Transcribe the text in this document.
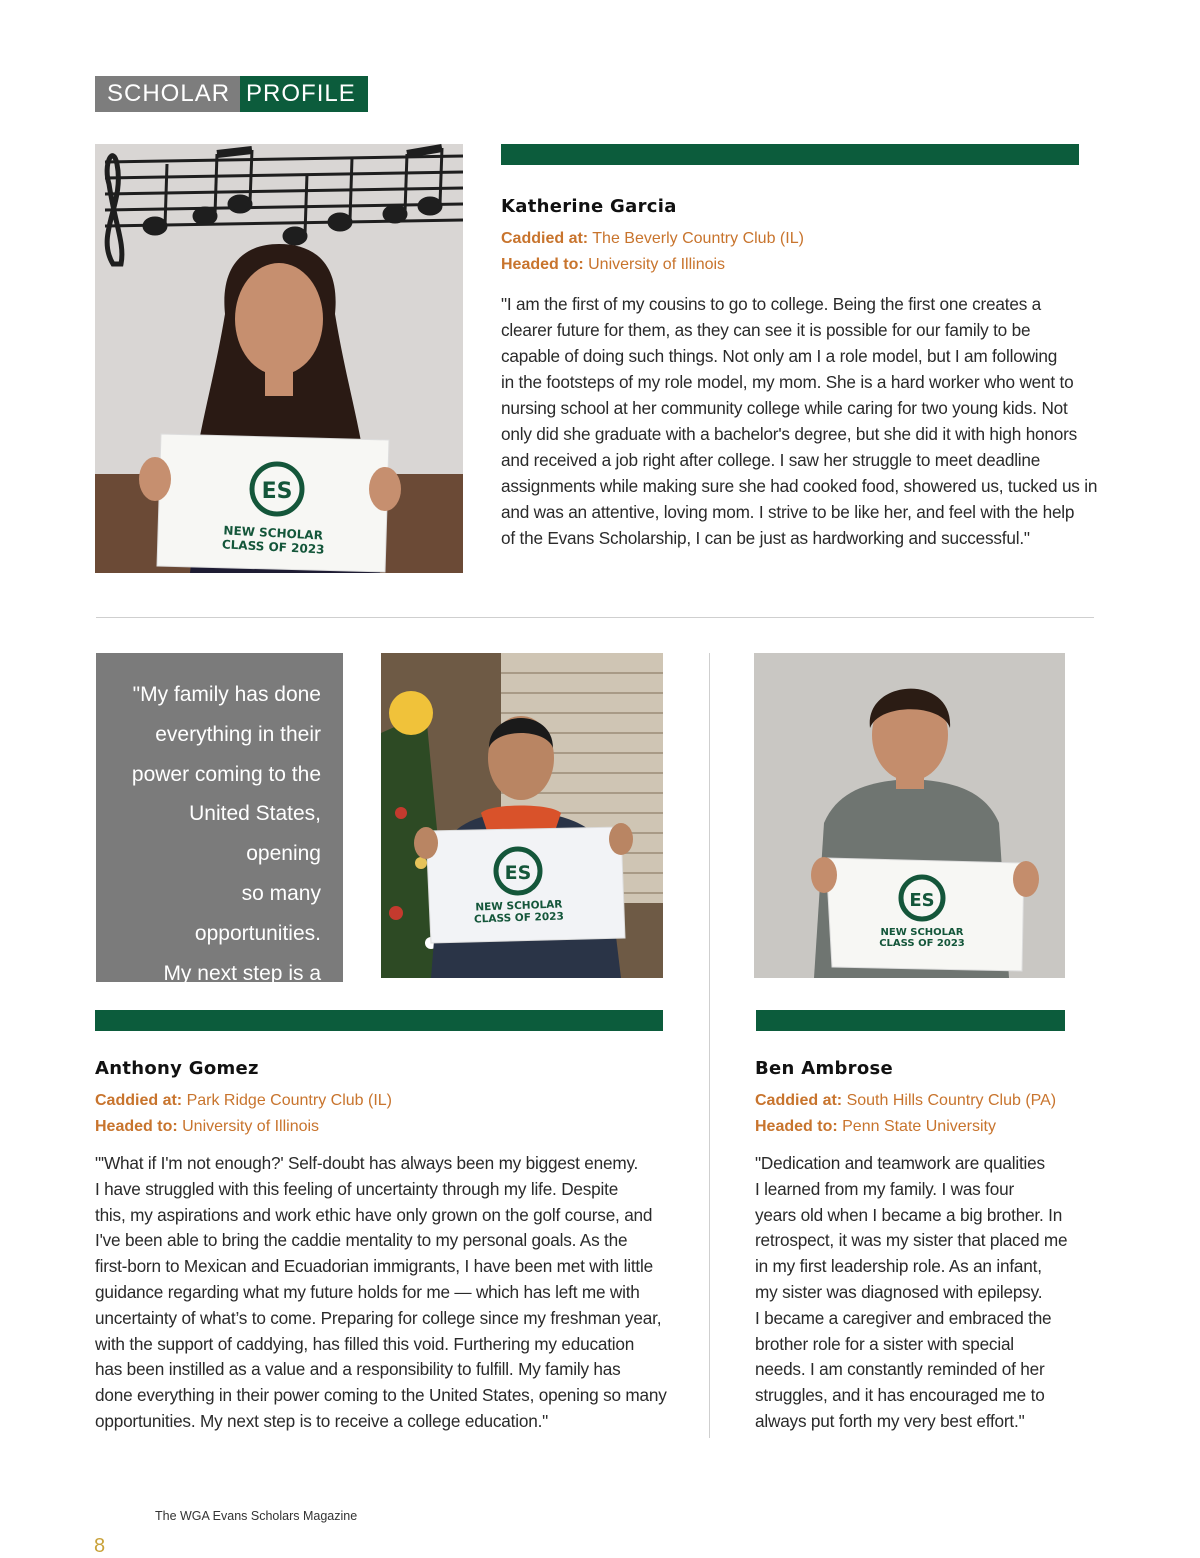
SCHOLAR PROFILE
ES
NEW SCHOLAR
CLASS OF 2023
Katherine Garcia
Caddied at: The Beverly Country Club (IL)
Headed to: University of Illinois
"I am the first of my cousins to go to college. Being the first one creates a
clearer future for them, as they can see it is possible for our family to be
capable of doing such things. Not only am I a role model, but I am following
in the footsteps of my role model, my mom. She is a hard worker who went to
nursing school at her community college while caring for two young kids. Not
only did she graduate with a bachelor's degree, but she did it with high honors
and received a job right after college. I saw her struggle to meet deadline
assignments while making sure she had cooked food, showered us, tucked us in
and was an attentive, loving mom. I strive to be like her, and feel with the help
of the Evans Scholarship, I can be just as hardworking and successful."
"My family has done
everything in their
power coming to the
United States, opening
so many opportunities.
My next step is a

ES
NEW SCHOLAR
CLASS OF 2023
ES
NEW SCHOLAR
CLASS OF 2023
Anthony Gomez
Caddied at: Park Ridge Country Club (IL)
Headed to: University of Illinois
"'What if I'm not enough?' Self-doubt has always been my biggest enemy.
I have struggled with this feeling of uncertainty through my life. Despite
this, my aspirations and work ethic have only grown on the golf course, and
I've been able to bring the caddie mentality to my personal goals. As the
first-born to Mexican and Ecuadorian immigrants, I have been met with little
guidance regarding what my future holds for me — which has left me with
uncertainty of what’s to come. Preparing for college since my freshman year,
with the support of caddying, has filled this void. Furthering my education
has been instilled as a value and a responsibility to fulfill. My family has
done everything in their power coming to the United States, opening so many
opportunities. My next step is to receive a college education."
Ben Ambrose
Caddied at: South Hills Country Club (PA)
Headed to: Penn State University
"Dedication and teamwork are qualities
I learned from my family. I was four
years old when I became a big brother. In
retrospect, it was my sister that placed me
in my first leadership role. As an infant,
my sister was diagnosed with epilepsy.
I became a caregiver and embraced the
brother role for a sister with special
needs. I am constantly reminded of her
struggles, and it has encouraged me to
always put forth my very best effort."
8
The WGA Evans Scholars Magazine
